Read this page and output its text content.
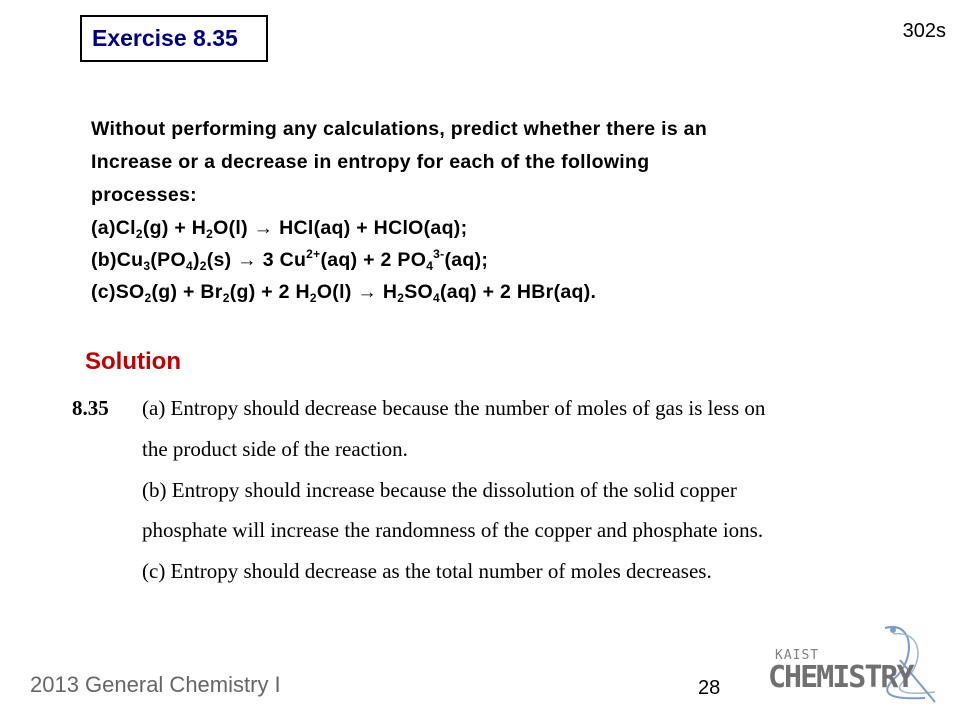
Exercise 8.35	302s
Without performing any calculations, predict whether there is an
Increase or a decrease in entropy for each of the following
processes:
$(a)Cl_2(g) + H_2O(l) \to HCl(aq)$ + HClO(aq);
$(b)Cu_3(PO_4)_2(s) \to 3$ $Cu^{2+}(aq) + 2$ $PO_4^{3-}(aq)$;
$(c)SO_2(g) + Br_2(g) + 2$ $H_2O(l) \to H_2SO_4(aq) + 2$ HBr(aq).
Solution
8.35 (a) Entropy should decrease because the number of moles of gas is less on
the product side of the reaction.
(b) Entropy should increase because the dissolution of the solid copper
phosphate will increase the randomness of the copper and phosphate ions.
(c) Entropy should decrease as the total number of moles decreases.
2013 General Chemistry I	28
KAIST
CHEMISTRY
